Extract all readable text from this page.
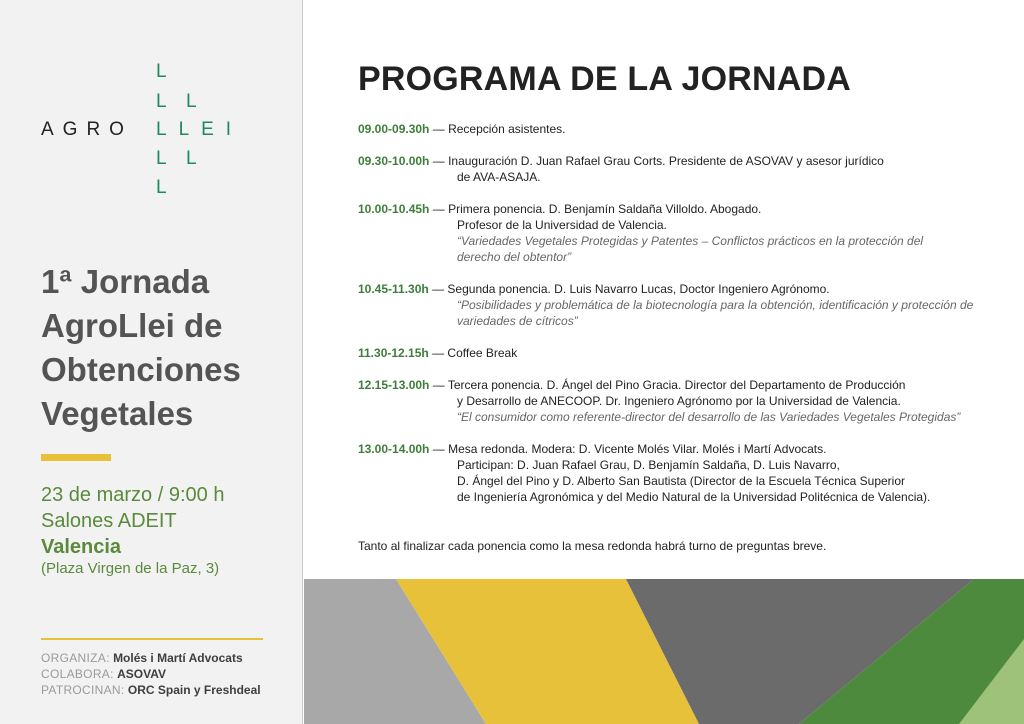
L
L L
AGRO LLEI
L L
L
1ª Jornada
AgroLlei de
Obtenciones
Vegetales
23 de marzo / 9:00 h
Salones ADEIT
Valencia
(Plaza Virgen de la Paz, 3)
ORGANIZA: Molés i Martí Advocats
COLABORA: ASOVAV
PATROCINAN: ORC Spain y Freshdeal
PROGRAMA DE LA JORNADA
09.00-09.30h — Recepción asistentes.
09.30-10.00h — Inauguración D. Juan Rafael Grau Corts. Presidente de ASOVAV y asesor jurídico
de AVA-ASAJA.
10.00-10.45h — Primera ponencia. D. Benjamín Saldaña Villoldo. Abogado.
Profesor de la Universidad de Valencia.
“Variedades Vegetales Protegidas y Patentes – Conflictos prácticos en la protección del
derecho del obtentor”
10.45-11.30h — Segunda ponencia. D. Luis Navarro Lucas, Doctor Ingeniero Agrónomo.
“Posibilidades y problemática de la biotecnología para la obtención, identificación y protección de
variedades de cítricos”
11.30-12.15h — Coffee Break
12.15-13.00h — Tercera ponencia. D. Ángel del Pino Gracia. Director del Departamento de Producción
y Desarrollo de ANECOOP. Dr. Ingeniero Agrónomo por la Universidad de Valencia.
“El consumidor como referente-director del desarrollo de las Variedades Vegetales Protegidas”
13.00-14.00h — Mesa redonda. Modera: D. Vicente Molés Vilar. Molés i Martí Advocats.
Participan: D. Juan Rafael Grau, D. Benjamín Saldaña, D. Luis Navarro,
D. Ángel del Pino y D. Alberto San Bautista (Director de la Escuela Técnica Superior
de Ingeniería Agronómica y del Medio Natural de la Universidad Politécnica de Valencia).
Tanto al finalizar cada ponencia como la mesa redonda habrá turno de preguntas breve.
